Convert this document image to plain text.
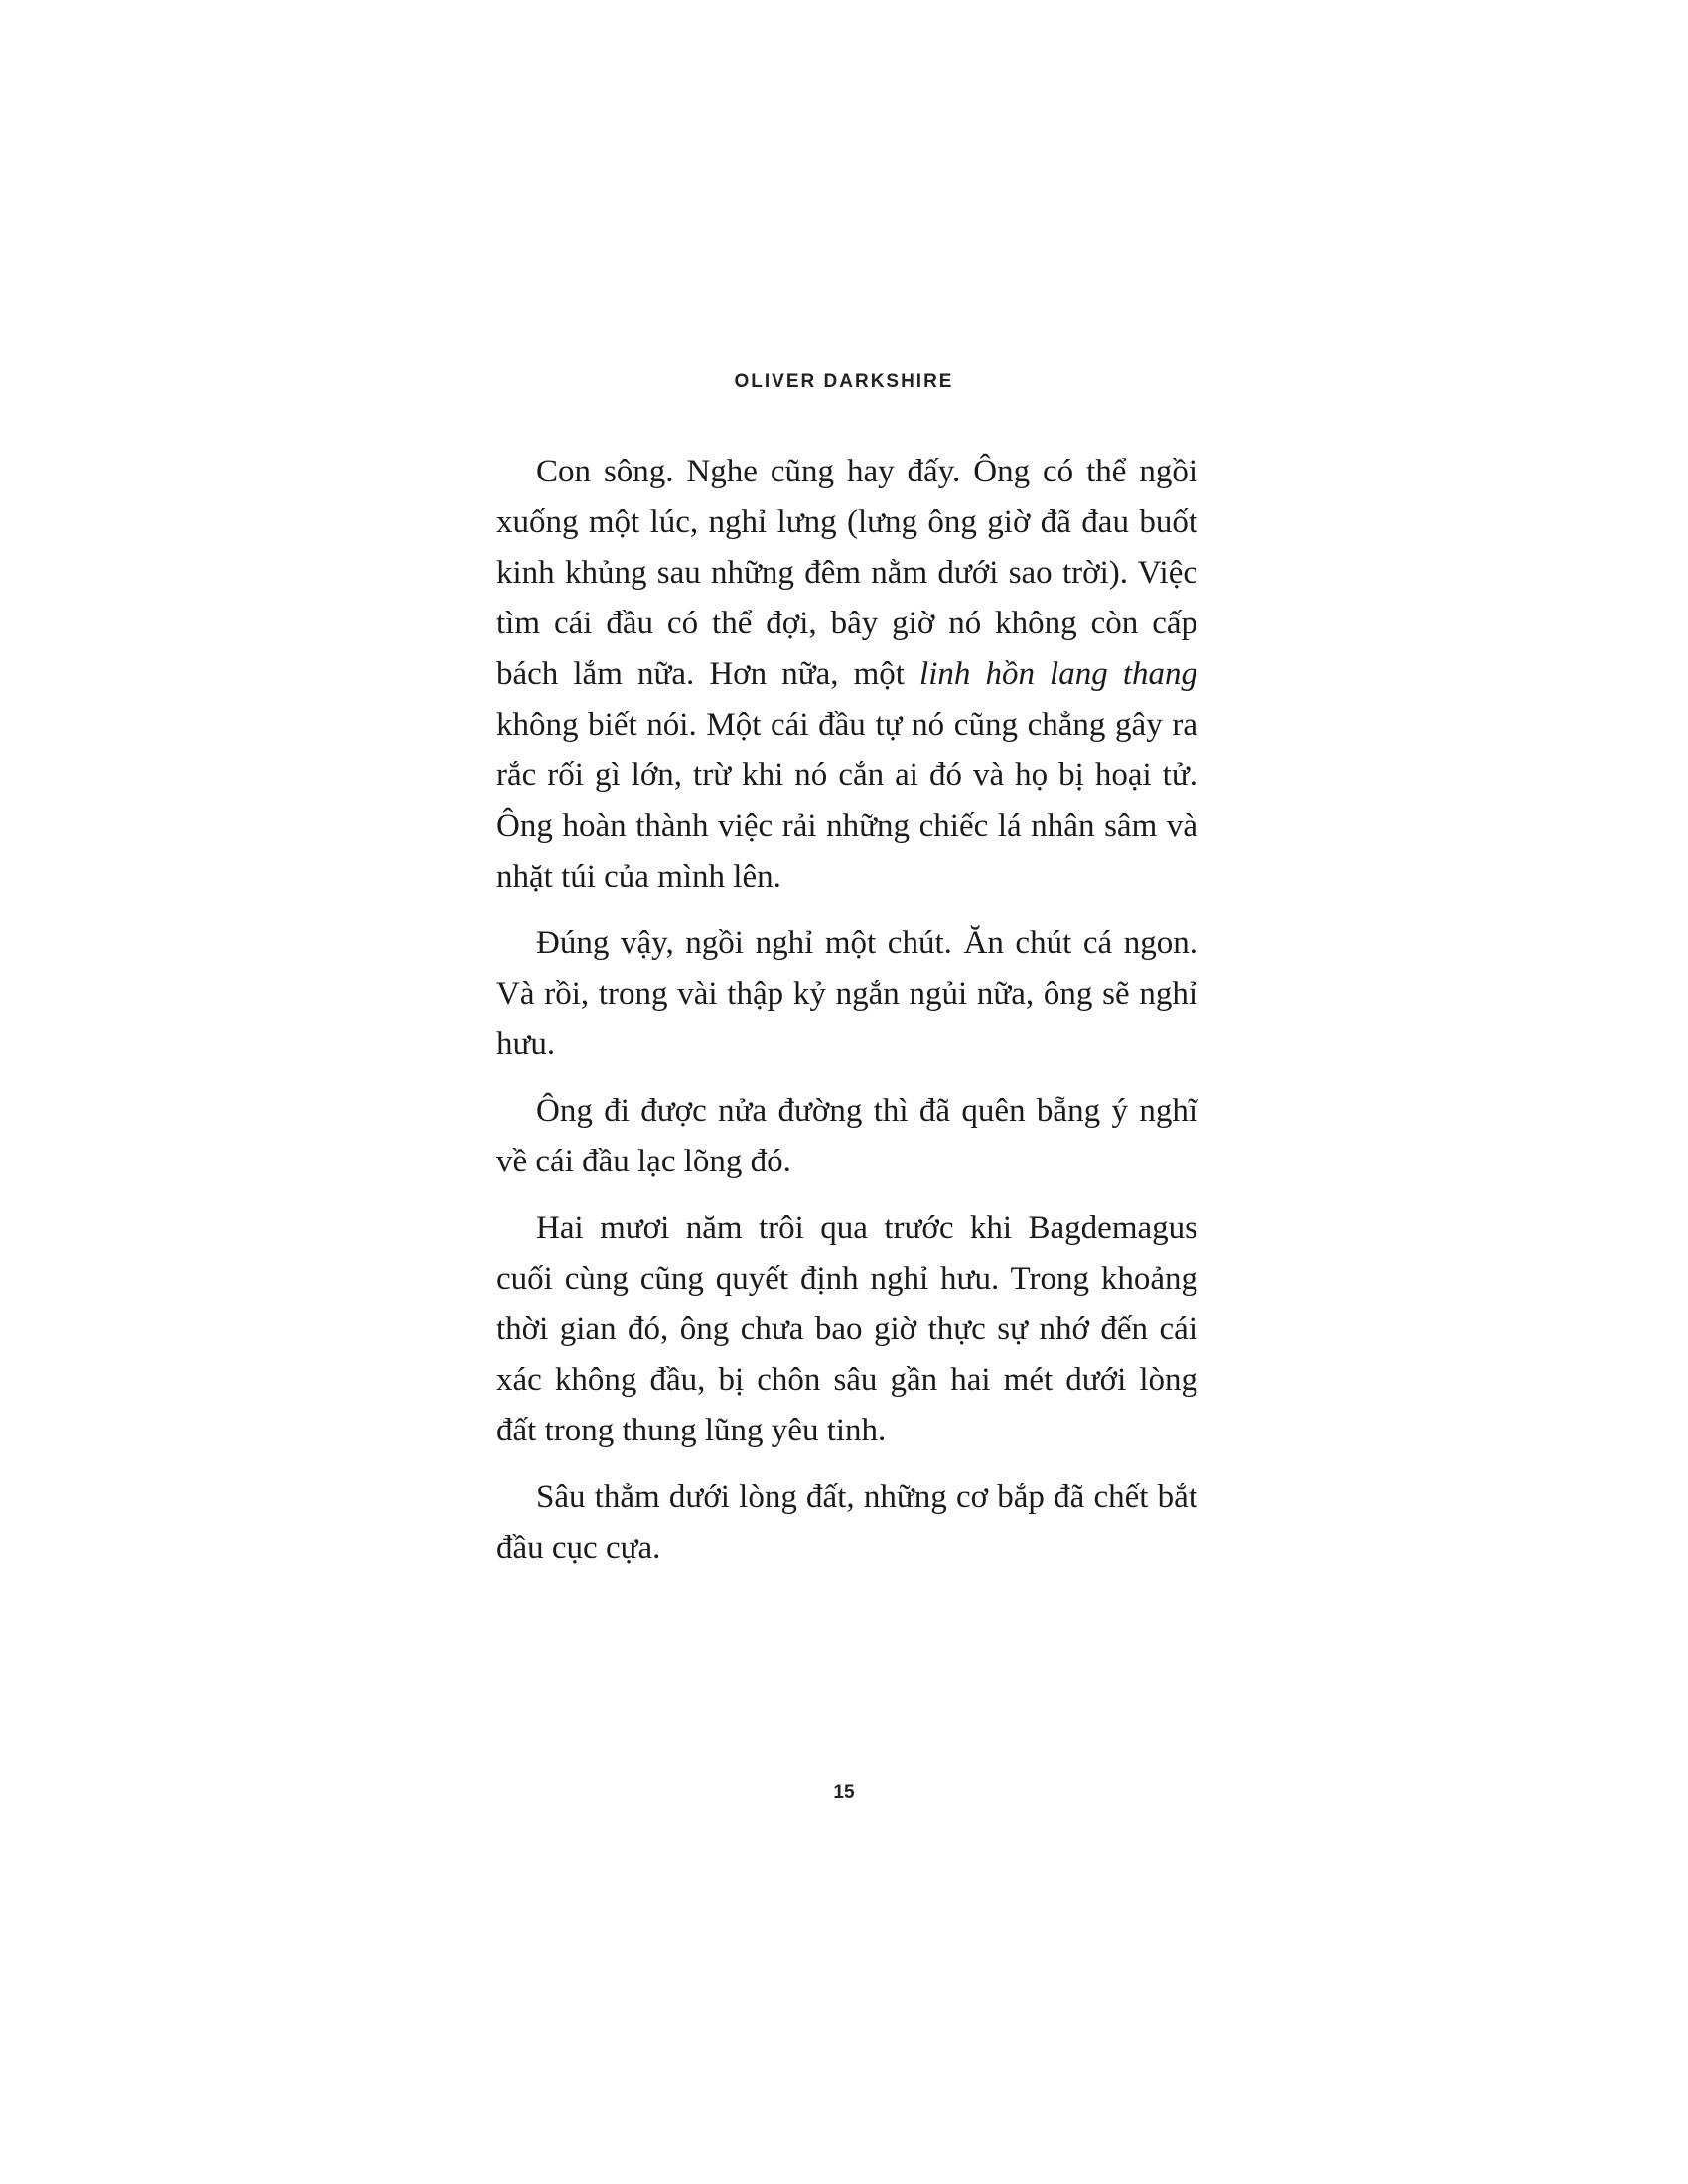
OLIVER DARKSHIRE

Con sông. Nghe cũng hay đấy. Ông có thể ngồi xuống một lúc, nghỉ lưng (lưng ông giờ đã đau buốt kinh khủng sau những đêm nằm dưới sao trời). Việc tìm cái đầu có thể đợi, bây giờ nó không còn cấp bách lắm nữa. Hơn nữa, một linh hồn lang thang không biết nói. Một cái đầu tự nó cũng chẳng gây ra rắc rối gì lớn, trừ khi nó cắn ai đó và họ bị hoại tử. Ông hoàn thành việc rải những chiếc lá nhân sâm và nhặt túi của mình lên.

Đúng vậy, ngồi nghỉ một chút. Ăn chút cá ngon. Và rồi, trong vài thập kỷ ngắn ngủi nữa, ông sẽ nghỉ hưu.

Ông đi được nửa đường thì đã quên bẵng ý nghĩ về cái đầu lạc lõng đó.

Hai mươi năm trôi qua trước khi Bagdemagus cuối cùng cũng quyết định nghỉ hưu. Trong khoảng thời gian đó, ông chưa bao giờ thực sự nhớ đến cái xác không đầu, bị chôn sâu gần hai mét dưới lòng đất trong thung lũng yêu tinh.

Sâu thẳm dưới lòng đất, những cơ bắp đã chết bắt đầu cục cựa.

15
